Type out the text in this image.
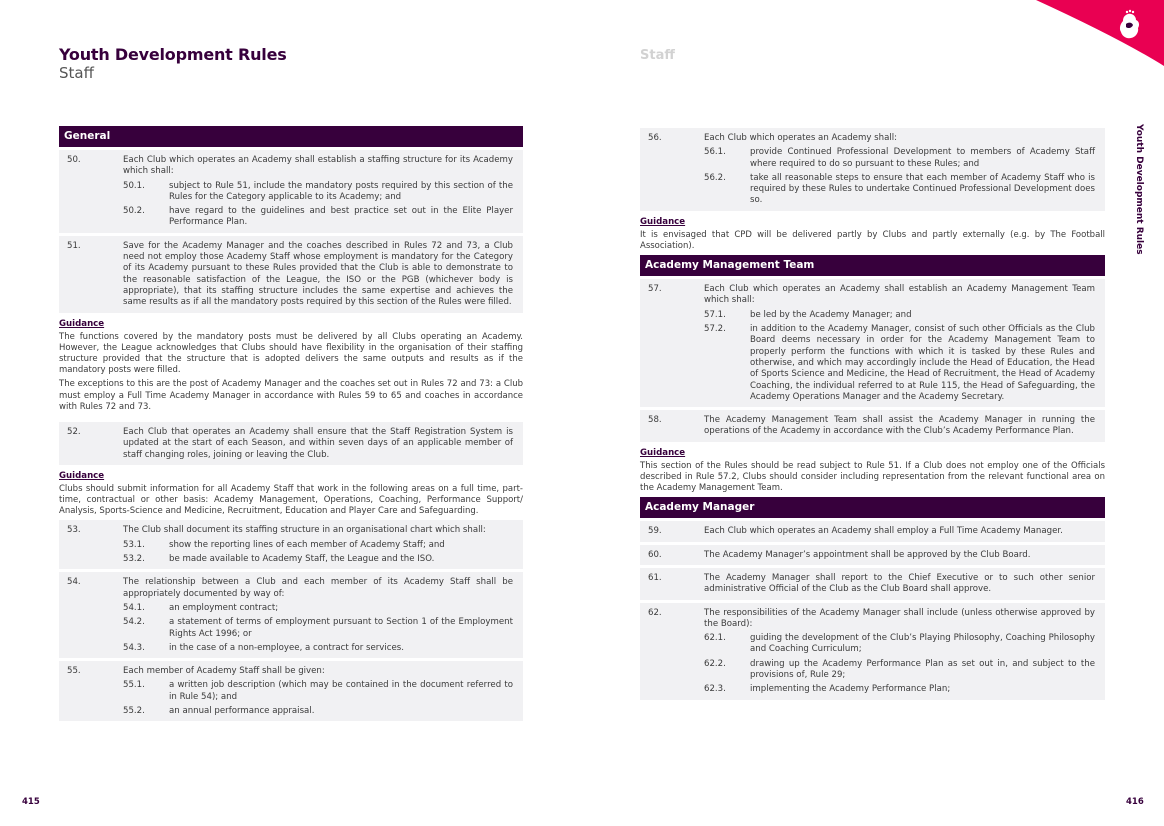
Youth Development Rules
Staff
General
50.	Each Club which operates an Academy shall establish a staffing structure for its Academy which shall:
50.1.	subject to Rule 51, include the mandatory posts required by this section of the Rules for the Category applicable to its Academy; and
50.2.	have regard to the guidelines and best practice set out in the Elite Player Performance Plan.
51.	Save for the Academy Manager and the coaches described in Rules 72 and 73, a Club need not employ those Academy Staff whose employment is mandatory for the Category of its Academy pursuant to these Rules provided that the Club is able to demonstrate to the reasonable satisfaction of the League, the ISO or the PGB (whichever body is appropriate), that its staffing structure includes the same expertise and achieves the same results as if all the mandatory posts required by this section of the Rules were filled.
Guidance

The functions covered by the mandatory posts must be delivered by all Clubs operating an Academy. However, the League acknowledges that Clubs should have flexibility in the organisation of their staffing structure provided that the structure that is adopted delivers the same outputs and results as if the mandatory posts were filled.

The exceptions to this are the post of Academy Manager and the coaches set out in Rules 72 and 73: a Club must employ a Full Time Academy Manager in accordance with Rules 59 to 65 and coaches in accordance with Rules 72 and 73.

52.	Each Club that operates an Academy shall ensure that the Staff Registration System is updated at the start of each Season, and within seven days of an applicable member of staff changing roles, joining or leaving the Club.
Guidance

Clubs should submit information for all Academy Staff that work in the following areas on a full time, part-time, contractual or other basis: Academy Management, Operations, Coaching, Performance Support/ Analysis, Sports-Science and Medicine, Recruitment, Education and Player Care and Safeguarding.

53.	The Club shall document its staffing structure in an organisational chart which shall:
53.1.	show the reporting lines of each member of Academy Staff; and
53.2.	be made available to Academy Staff, the League and the ISO.
54.	The relationship between a Club and each member of its Academy Staff shall be appropriately documented by way of:
54.1.	an employment contract;
54.2.	a statement of terms of employment pursuant to Section 1 of the Employment Rights Act 1996; or
54.3.	in the case of a non-employee, a contract for services.
55.	Each member of Academy Staff shall be given:
55.1.	a written job description (which may be contained in the document referred to in Rule 54); and
55.2.	an annual performance appraisal.
415
Staff
Youth Development Rules
56.	Each Club which operates an Academy shall:
56.1.	provide Continued Professional Development to members of Academy Staff where required to do so pursuant to these Rules; and
56.2.	take all reasonable steps to ensure that each member of Academy Staff who is required by these Rules to undertake Continued Professional Development does so.
Guidance

It is envisaged that CPD will be delivered partly by Clubs and partly externally (e.g. by The Football Association).

Academy Management Team
57.	Each Club which operates an Academy shall establish an Academy Management Team which shall:
57.1.	be led by the Academy Manager; and
57.2.	in addition to the Academy Manager, consist of such other Officials as the Club Board deems necessary in order for the Academy Management Team to properly perform the functions with which it is tasked by these Rules and otherwise, and which may accordingly include the Head of Education, the Head of Sports Science and Medicine, the Head of Recruitment, the Head of Academy Coaching, the individual referred to at Rule 115, the Head of Safeguarding, the Academy Operations Manager and the Academy Secretary.
58.	The Academy Management Team shall assist the Academy Manager in running the operations of the Academy in accordance with the Club’s Academy Performance Plan.
Guidance

This section of the Rules should be read subject to Rule 51. If a Club does not employ one of the Officials described in Rule 57.2, Clubs should consider including representation from the relevant functional area on the Academy Management Team.

Academy Manager
59.	Each Club which operates an Academy shall employ a Full Time Academy Manager.
60.	The Academy Manager’s appointment shall be approved by the Club Board.
61.	The Academy Manager shall report to the Chief Executive or to such other senior administrative Official of the Club as the Club Board shall approve.
62.	The responsibilities of the Academy Manager shall include (unless otherwise approved by the Board):
62.1.	guiding the development of the Club’s Playing Philosophy, Coaching Philosophy and Coaching Curriculum;
62.2.	drawing up the Academy Performance Plan as set out in, and subject to the provisions of, Rule 29;
62.3.	implementing the Academy Performance Plan;
416
